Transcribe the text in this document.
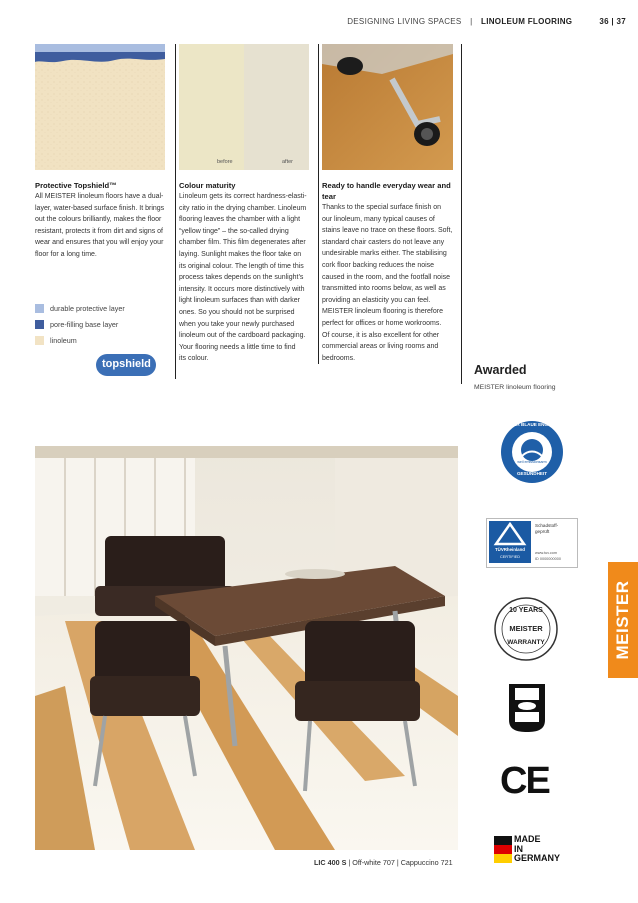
DESIGNING LIVING SPACES | LINOLEUM FLOORING	36 | 37
before	after
Protective Topshield™
All MEISTER linoleum floors have a dual-
layer, water-based surface finish. It brings
out the colours brilliantly, makes the floor
resistant, protects it from dirt and signs of
wear and ensures that you will enjoy your
floor for a long time.
durable protective layer
pore-filling base layer
linoleum
topshield
Colour maturity
Linoleum gets its correct hardness-elasti-
city ratio in the drying chamber. Linoleum
flooring leaves the chamber with a light
“yellow tinge” – the so-called drying
chamber film. This film degenerates after
laying. Sunlight makes the floor take on
its original colour. The length of time this
process takes depends on the sunlight’s
intensity. It occurs more distinctively with
light linoleum surfaces than with darker
ones. So you should not be surprised
when you take your newly purchased
linoleum out of the cardboard packaging.
Your flooring needs a little time to find
its colour.
Ready to handle everyday wear and
tear
Thanks to the special surface finish on
our linoleum, many typical causes of
stains leave no trace on these floors. Soft,
standard chair casters do not leave any
undesirable marks either. The stabilising
cork floor backing reduces the noise
caused in the room, and the footfall noise
transmitted into rooms below, as well as
providing an elasticity you can feel.
MEISTER linoleum flooring is therefore
perfect for offices or home workrooms.
Of course, it is also excellent for other
commercial areas or living rooms and
bedrooms.
Awarded
MEISTER linoleum flooring
LIC 400 S | Off-white 707 | Cappuccino 721
DER BLAUE ENGEL
weil emissionsarm
GESUNDHEIT
TÜVRheinland
CERTIFIED
Schadstoff-
geprüft
www.tuv.com
ID 0000000000
10 YEARS
MEISTER
WARRANTY
CE
MADE
IN
GERMANY
MEISTER
